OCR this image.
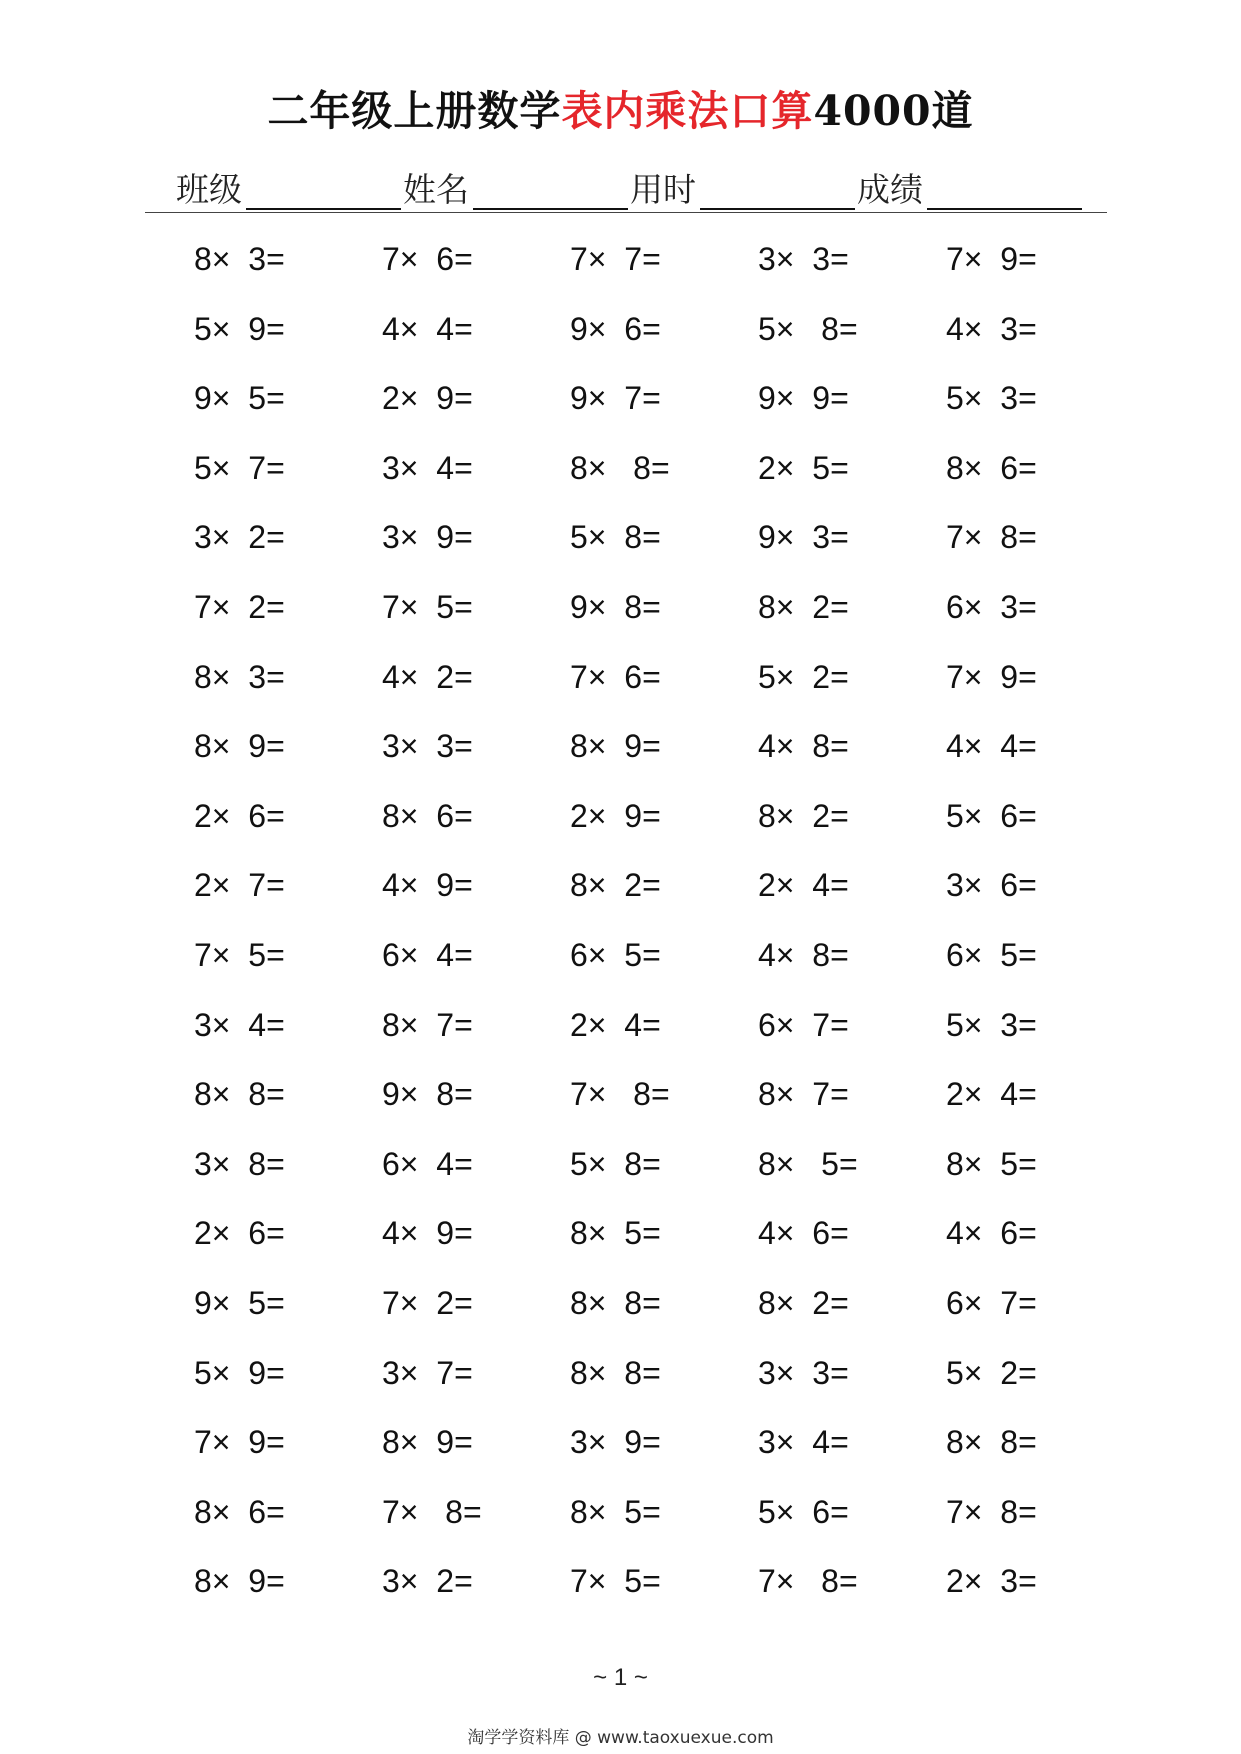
二年级上册数学表内乘法口算4000道
班级	姓名	用时	成绩
8×  3=	7×  6=	7×  7=	3×  3=	7×  9=
5×  9=	4×  4=	9×  6=	5×   8=	4×  3=
9×  5=	2×  9=	9×  7=	9×  9=	5×  3=
5×  7=	3×  4=	8×   8=	2×  5=	8×  6=
3×  2=	3×  9=	5×  8=	9×  3=	7×  8=
7×  2=	7×  5=	9×  8=	8×  2=	6×  3=
8×  3=	4×  2=	7×  6=	5×  2=	7×  9=
8×  9=	3×  3=	8×  9=	4×  8=	4×  4=
2×  6=	8×  6=	2×  9=	8×  2=	5×  6=
2×  7=	4×  9=	8×  2=	2×  4=	3×  6=
7×  5=	6×  4=	6×  5=	4×  8=	6×  5=
3×  4=	8×  7=	2×  4=	6×  7=	5×  3=
8×  8=	9×  8=	7×   8=	8×  7=	2×  4=
3×  8=	6×  4=	5×  8=	8×   5=	8×  5=
2×  6=	4×  9=	8×  5=	4×  6=	4×  6=
9×  5=	7×  2=	8×  8=	8×  2=	6×  7=
5×  9=	3×  7=	8×  8=	3×  3=	5×  2=
7×  9=	8×  9=	3×  9=	3×  4=	8×  8=
8×  6=	7×   8=	8×  5=	5×  6=	7×  8=
8×  9=	3×  2=	7×  5=	7×   8=	2×  3=
~ 1 ~
淘学学资料库 @ www.taoxuexue.com
